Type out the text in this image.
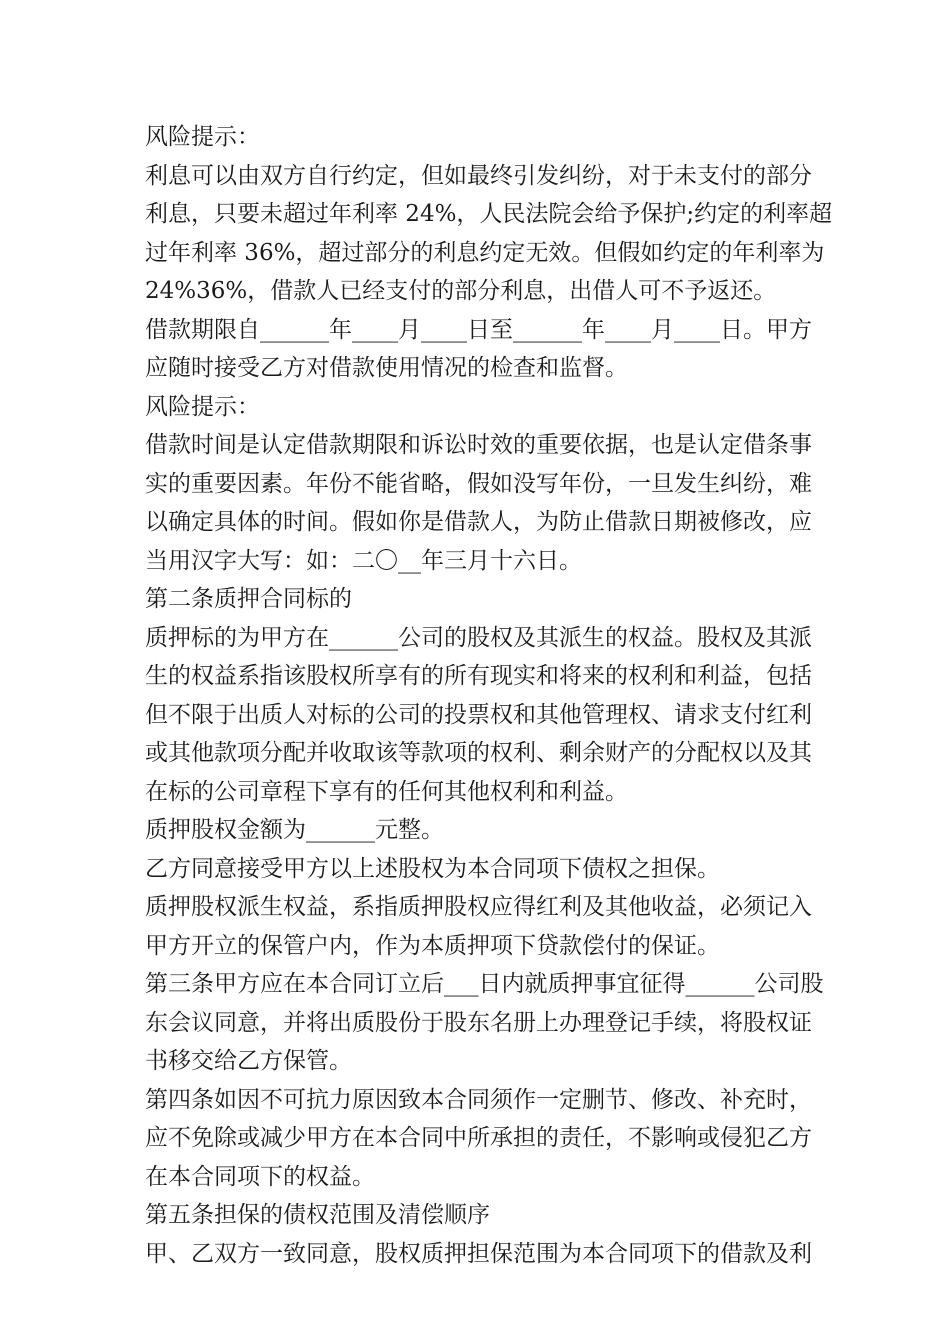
风险提示：
利息可以由双方自行约定，但如最终引发纠纷，对于未支付的部分
利息，只要未超过年利率 24%，人民法院会给予保护;约定的利率超
过年利率 36%，超过部分的利息约定无效。但假如约定的年利率为
24%36%，借款人已经支付的部分利息，出借人可不予返还。
借款期限自______年____月____日至______年____月____日。甲方
应随时接受乙方对借款使用情况的检查和监督。
风险提示：
借款时间是认定借款期限和诉讼时效的重要依据，也是认定借条事
实的重要因素。年份不能省略，假如没写年份，一旦发生纠纷，难
以确定具体的时间。假如你是借款人，为防止借款日期被修改，应
当用汉字大写：如：二〇__年三月十六日。
第二条质押合同标的
质押标的为甲方在______公司的股权及其派生的权益。股权及其派
生的权益系指该股权所享有的所有现实和将来的权利和利益，包括
但不限于出质人对标的公司的投票权和其他管理权、请求支付红利
或其他款项分配并收取该等款项的权利、剩余财产的分配权以及其
在标的公司章程下享有的任何其他权利和利益。
质押股权金额为______元整。
乙方同意接受甲方以上述股权为本合同项下债权之担保。
质押股权派生权益，系指质押股权应得红利及其他收益，必须记入
甲方开立的保管户内，作为本质押项下贷款偿付的保证。
第三条甲方应在本合同订立后___日内就质押事宜征得______公司股
东会议同意，并将出质股份于股东名册上办理登记手续，将股权证
书移交给乙方保管。
第四条如因不可抗力原因致本合同须作一定删节、修改、补充时，
应不免除或减少甲方在本合同中所承担的责任，不影响或侵犯乙方
在本合同项下的权益。
第五条担保的债权范围及清偿顺序
甲、乙双方一致同意，股权质押担保范围为本合同项下的借款及利
